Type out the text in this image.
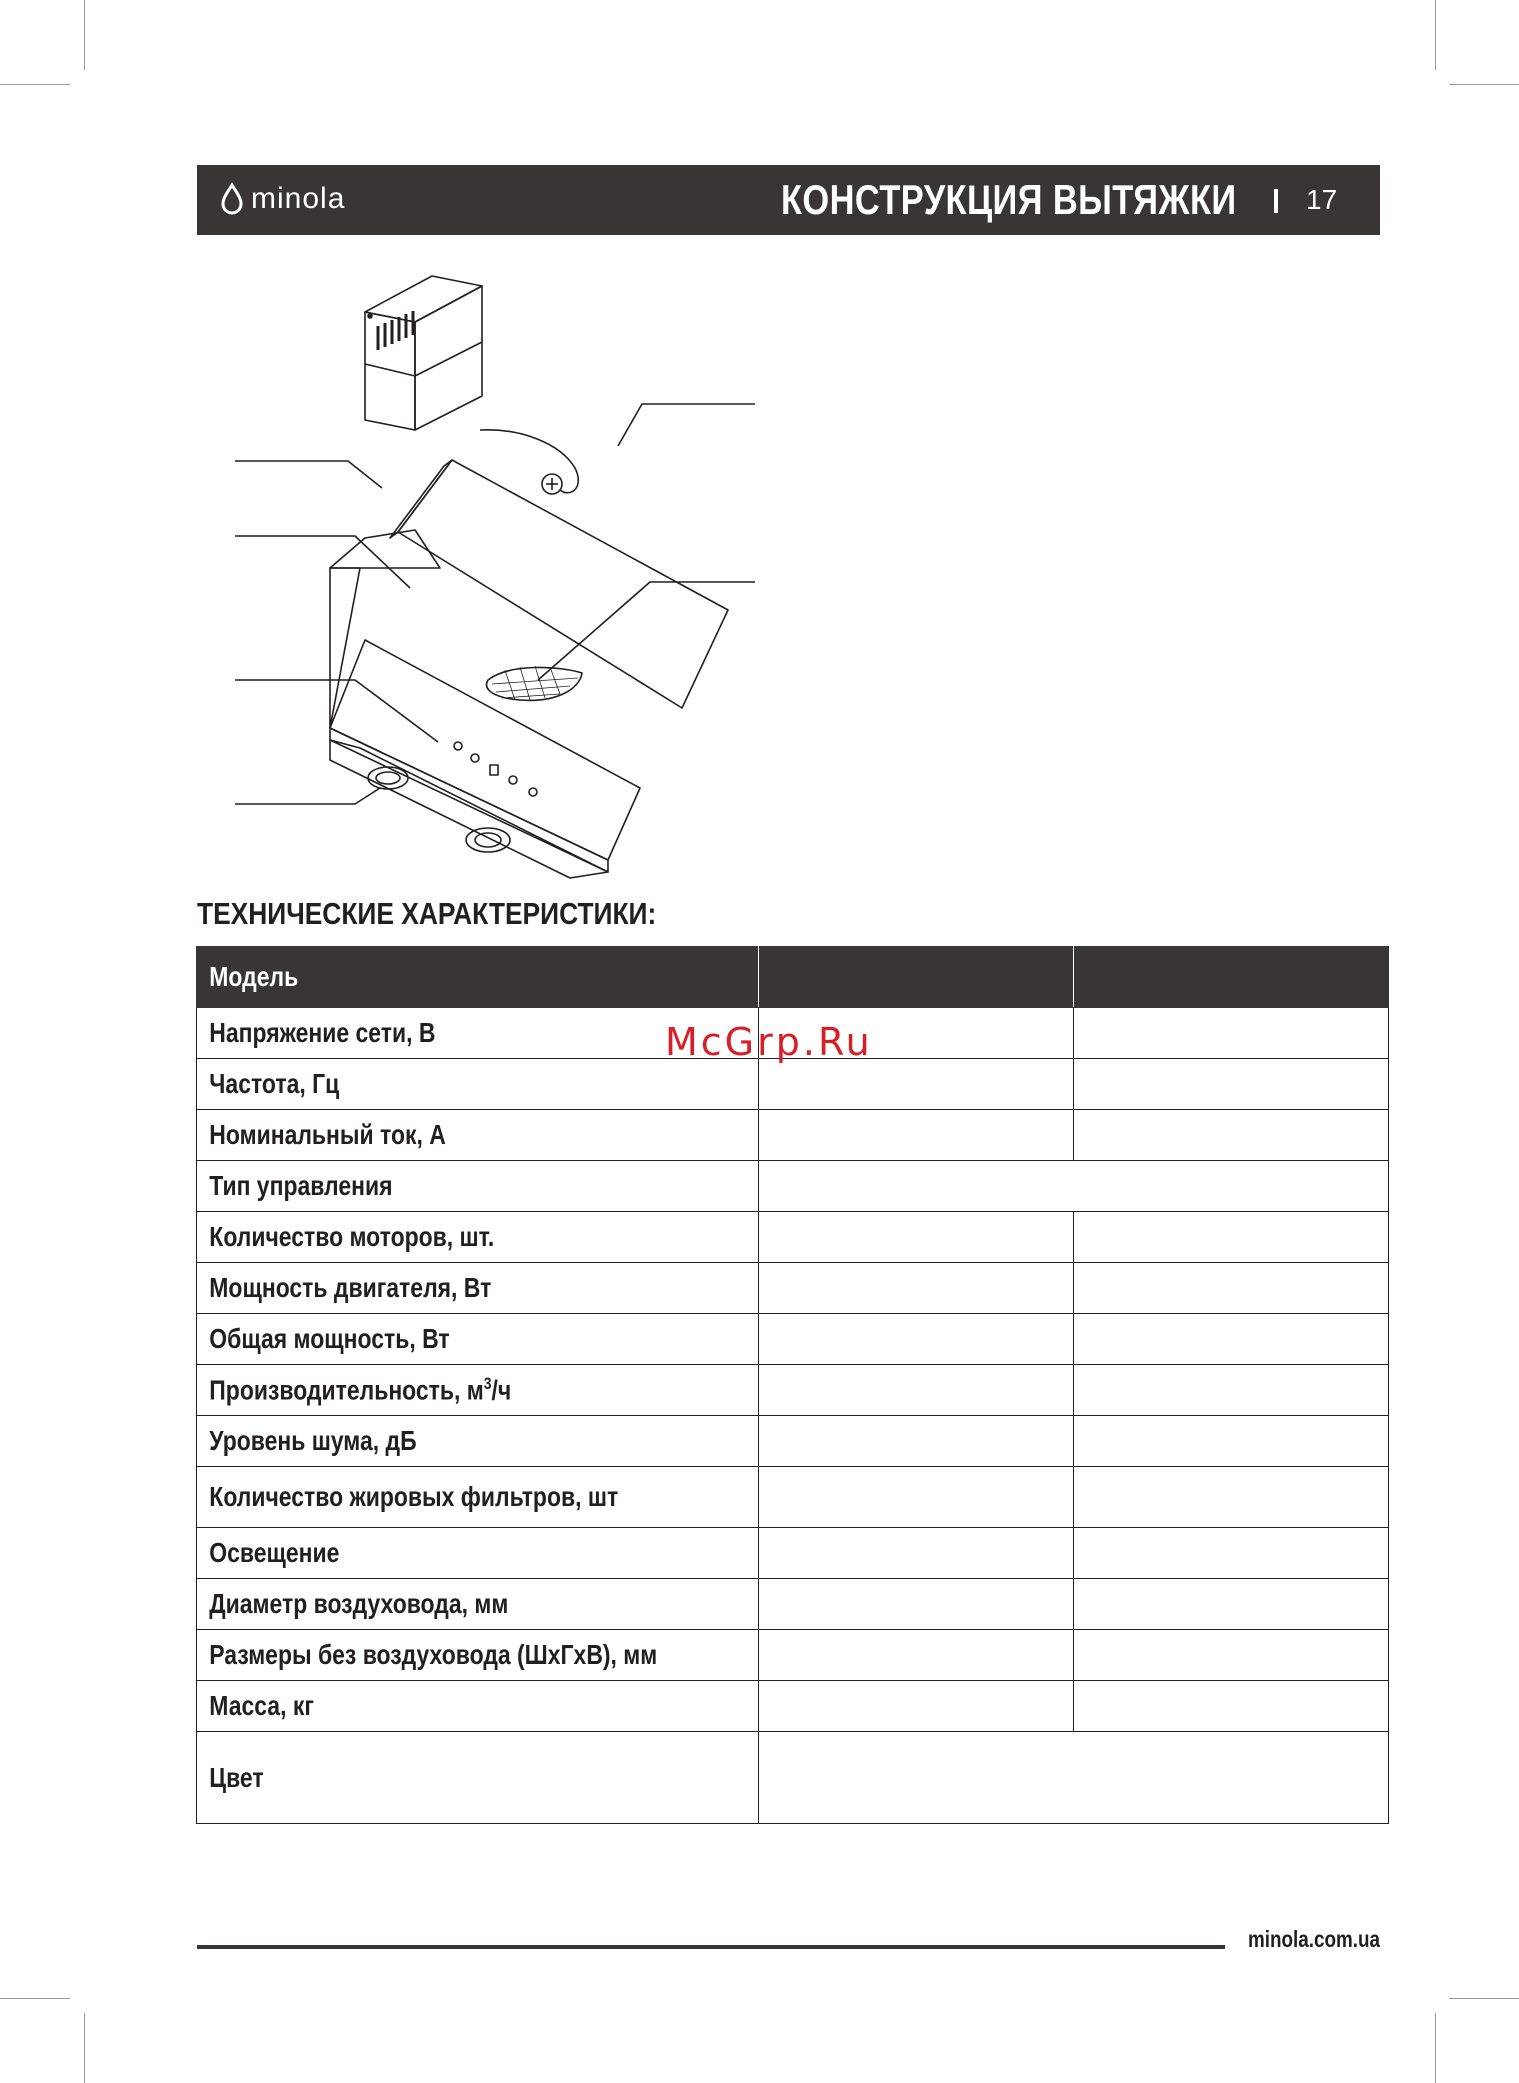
minola	КОНСТРУКЦИЯ ВЫТЯЖКИ 17
ТЕХНИЧЕСКИЕ ХАРАКТЕРИСТИКИ:
Модель		
Напряжение сети, В		
Частота, Гц		
Номинальный ток, А		
Тип управления		
Количество моторов, шт.		
Мощность двигателя, Вт		
Общая мощность, Вт		
Производительность, $м^3/ч$		
Уровень шума, дБ		
Количество жировых фильтров, шт		
Освещение		
Диаметр воздуховода, мм		
Размеры без воздуховода (ШхГхВ), мм		
Масса, кг		
Цвет		
McGrp.Ru
minola.com.ua
